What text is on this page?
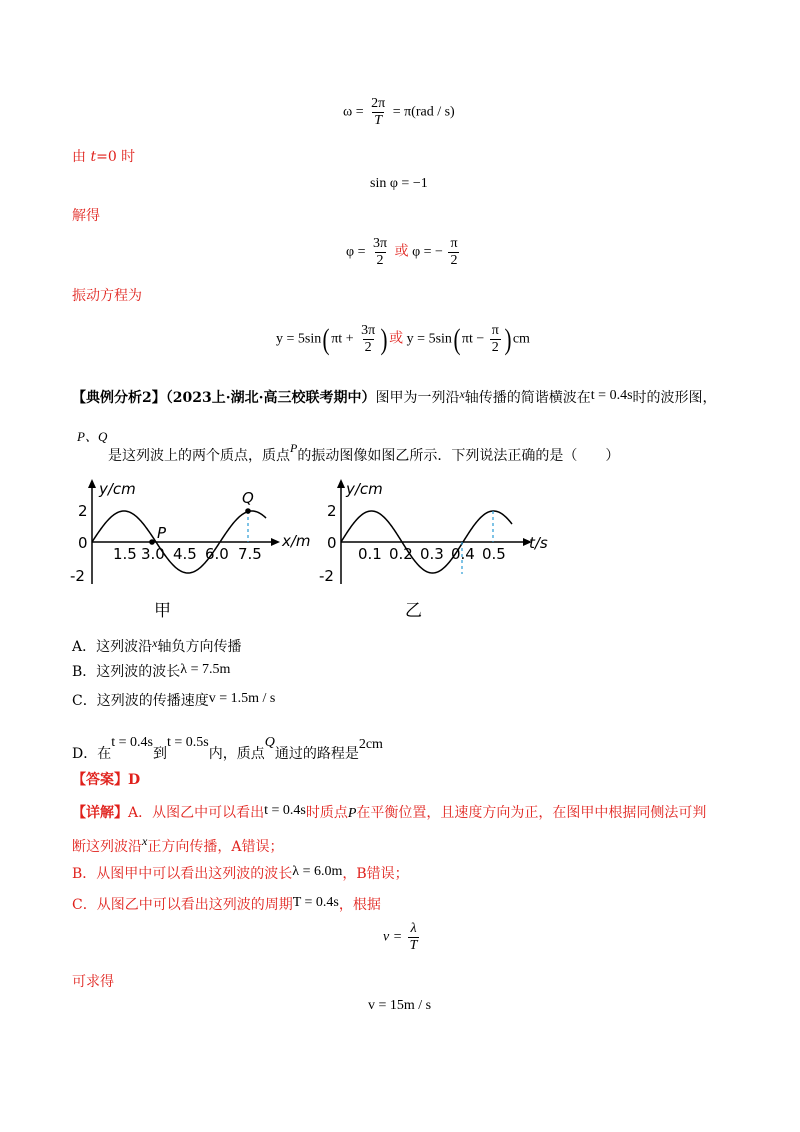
$\omega = \frac{2\pi}{T} = \pi(rad / s)$
由 t=0 时
sin φ = −1
解得
$\varphi = \frac{3\pi}{2}$ 或 φ = − $\frac{\pi}{2}$
振动方程为
y = 5sin( $\pi t + \frac{3\pi}{2}$ ) 或 y = 5sin( $\pi t - \frac{\pi}{2}$ ) cm
【典例分析2】（2023上·湖北·高三校联考期中）图甲为一列沿x轴传播的简谐横波在t = 0.4s时的波形图，
P、Q
是这列波上的两个质点，质点P的振动图像如图乙所示．下列说法正确的是（　　）
y/cm
x/m
2
0
-2
P
Q
1.5 3.0 4.5 6.0 7.5
甲
y/cm
t/s
2
0
-2
0.1 0.2 0.3 0.4 0.5
乙
A．这列波沿x轴负方向传播
B．这列波的波长λ = 7.5m
C．这列波的传播速度v = 1.5m / s
D．在t = 0.4s到t = 0.5s内，质点Q通过的路程是2cm
【答案】D
【详解】A．从图乙中可以看出t = 0.4s时质点P在平衡位置，且速度方向为正，在图甲中根据同侧法可判
断这列波沿x正方向传播，A错误；
B．从图甲中可以看出这列波的波长λ = 6.0m，B错误；
C．从图乙中可以看出这列波的周期T = 0.4s，根据
$v = \frac{\lambda}{T}$
可求得
v = 15m / s
